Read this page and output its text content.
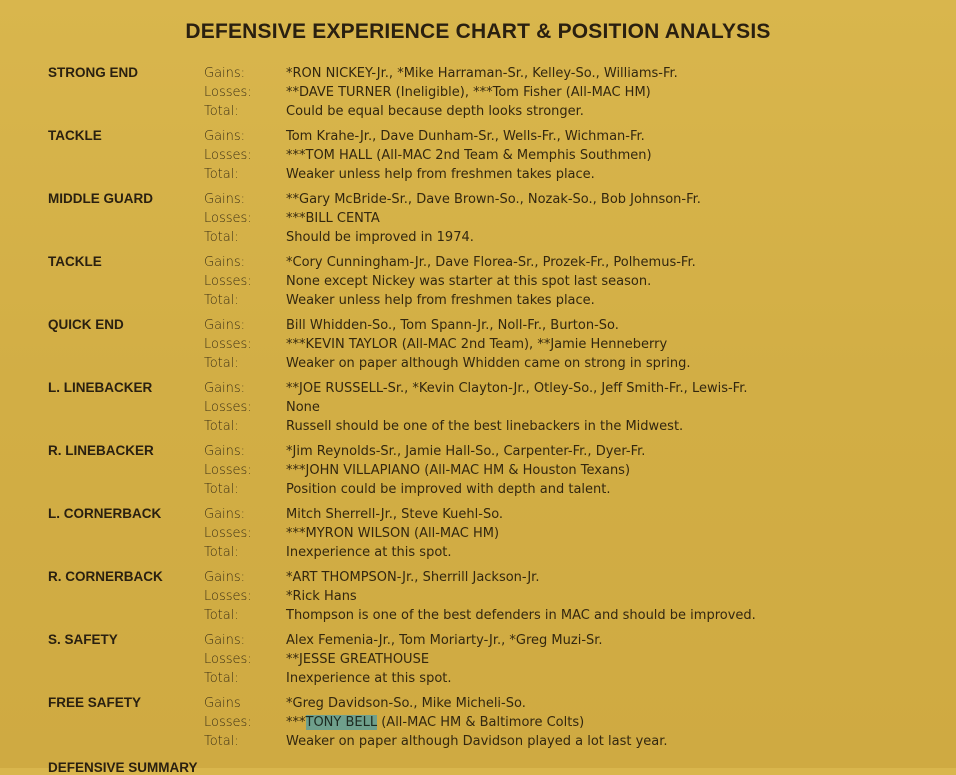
DEFENSIVE EXPERIENCE CHART & POSITION ANALYSIS
STRONG END	Gains:	*RON NICKEY-Jr., *Mike Harraman-Sr., Kelley-So., Williams-Fr.
Losses:	**DAVE TURNER (Ineligible), ***Tom Fisher (All-MAC HM)
Total:	Could be equal because depth looks stronger.
TACKLE	Gains:	Tom Krahe-Jr., Dave Dunham-Sr., Wells-Fr., Wichman-Fr.
Losses:	***TOM HALL (All-MAC 2nd Team & Memphis Southmen)
Total:	Weaker unless help from freshmen takes place.
MIDDLE GUARD	Gains:	**Gary McBride-Sr., Dave Brown-So., Nozak-So., Bob Johnson-Fr.
Losses:	***BILL CENTA
Total:	Should be improved in 1974.
TACKLE	Gains:	*Cory Cunningham-Jr., Dave Florea-Sr., Prozek-Fr., Polhemus-Fr.
Losses:	None except Nickey was starter at this spot last season.
Total:	Weaker unless help from freshmen takes place.
QUICK END	Gains:	Bill Whidden-So., Tom Spann-Jr., Noll-Fr., Burton-So.
Losses:	***KEVIN TAYLOR (All-MAC 2nd Team), **Jamie Henneberry
Total:	Weaker on paper although Whidden came on strong in spring.
L. LINEBACKER	Gains:	**JOE RUSSELL-Sr., *Kevin Clayton-Jr., Otley-So., Jeff Smith-Fr., Lewis-Fr.
Losses:	None
Total:	Russell should be one of the best linebackers in the Midwest.
R. LINEBACKER	Gains:	*Jim Reynolds-Sr., Jamie Hall-So., Carpenter-Fr., Dyer-Fr.
Losses:	***JOHN VILLAPIANO (All-MAC HM & Houston Texans)
Total:	Position could be improved with depth and talent.
L. CORNERBACK	Gains:	Mitch Sherrell-Jr., Steve Kuehl-So.
Losses:	***MYRON WILSON (All-MAC HM)
Total:	Inexperience at this spot.
R. CORNERBACK	Gains:	*ART THOMPSON-Jr., Sherrill Jackson-Jr.
Losses:	*Rick Hans
Total:	Thompson is one of the best defenders in MAC and should be improved.
S. SAFETY	Gains:	Alex Femenia-Jr., Tom Moriarty-Jr., *Greg Muzi-Sr.
Losses:	**JESSE GREATHOUSE
Total:	Inexperience at this spot.
FREE SAFETY	Gains	*Greg Davidson-So., Mike Micheli-So.
Losses:	***TONY BELL (All-MAC HM & Baltimore Colts)
Total:	Weaker on paper although Davidson played a lot last year.
DEFENSIVE SUMMARY
